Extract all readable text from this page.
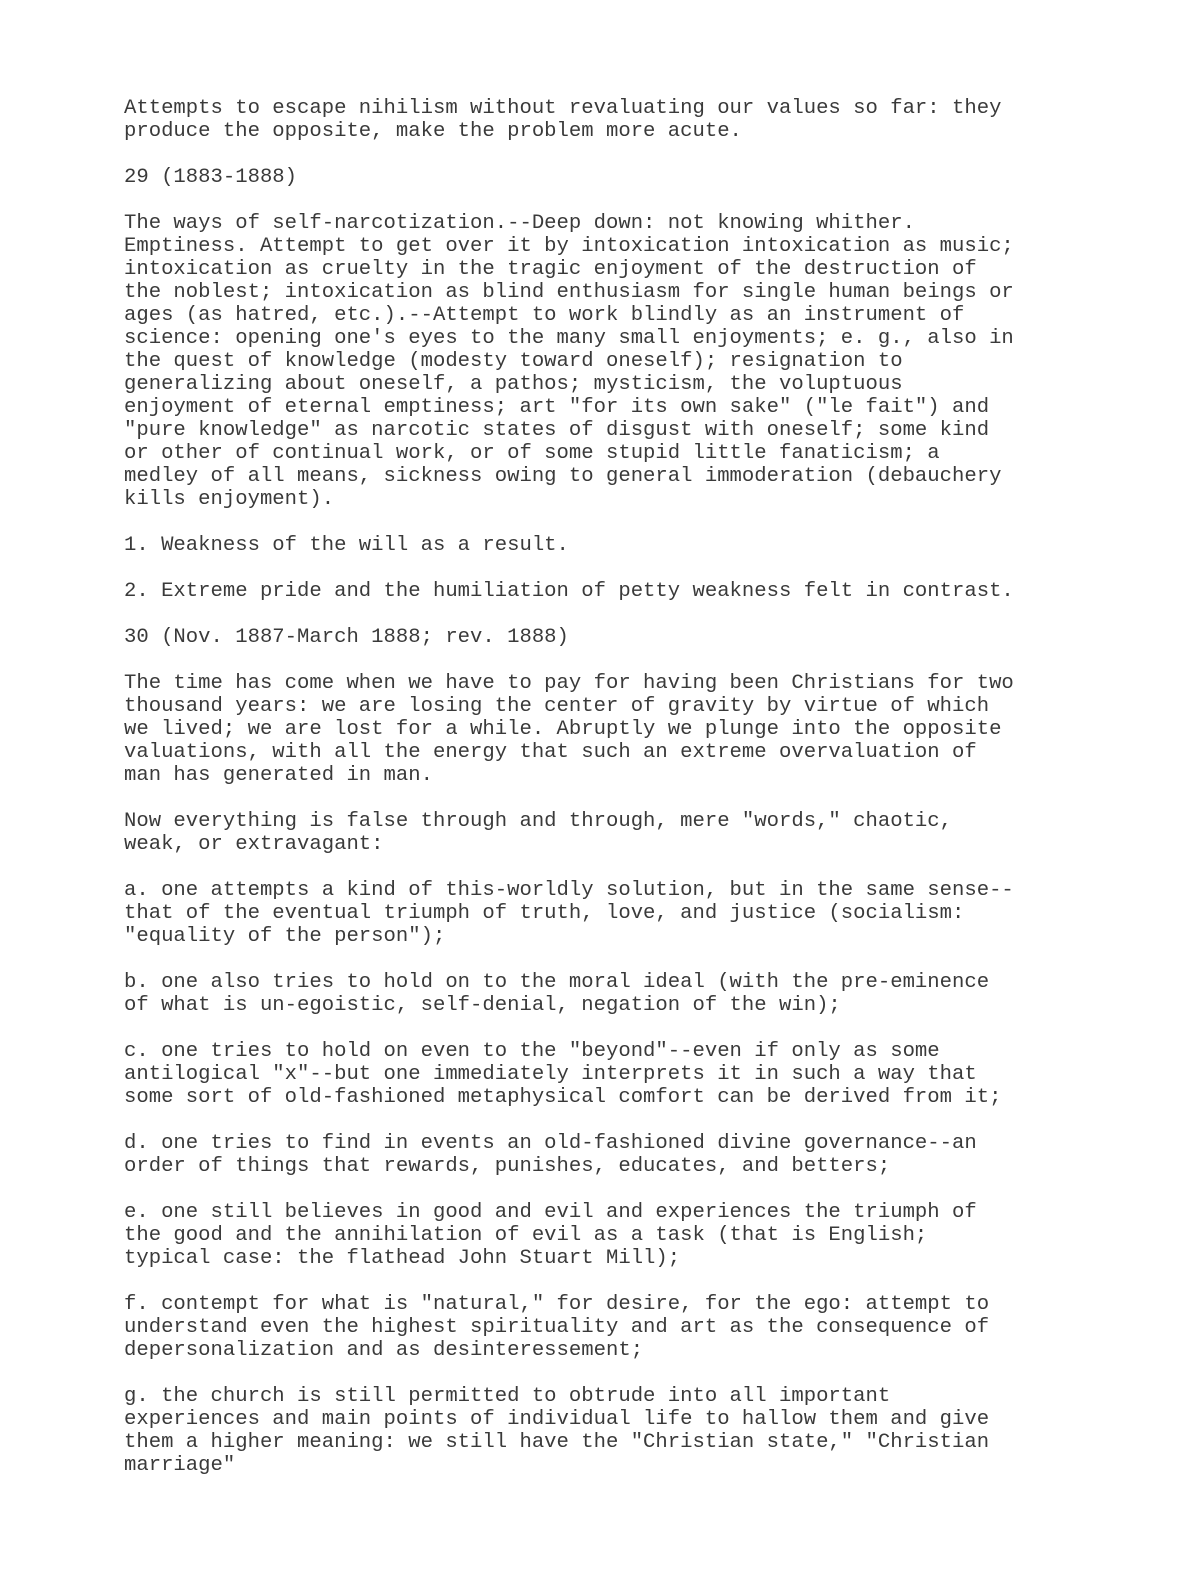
Attempts to escape nihilism without revaluating our values so far: they
produce the opposite, make the problem more acute.

29 (1883-1888)

The ways of self-narcotization.--Deep down: not knowing whither.
Emptiness. Attempt to get over it by intoxication intoxication as music;
intoxication as cruelty in the tragic enjoyment of the destruction of
the noblest; intoxication as blind enthusiasm for single human beings or
ages (as hatred, etc.).--Attempt to work blindly as an instrument of
science: opening one's eyes to the many small enjoyments; e. g., also in
the quest of knowledge (modesty toward oneself); resignation to
generalizing about oneself, a pathos; mysticism, the voluptuous
enjoyment of eternal emptiness; art "for its own sake" ("le fait") and
"pure knowledge" as narcotic states of disgust with oneself; some kind
or other of continual work, or of some stupid little fanaticism; a
medley of all means, sickness owing to general immoderation (debauchery
kills enjoyment).

1. Weakness of the will as a result.

2. Extreme pride and the humiliation of petty weakness felt in contrast.

30 (Nov. 1887-March 1888; rev. 1888)

The time has come when we have to pay for having been Christians for two
thousand years: we are losing the center of gravity by virtue of which
we lived; we are lost for a while. Abruptly we plunge into the opposite
valuations, with all the energy that such an extreme overvaluation of
man has generated in man.

Now everything is false through and through, mere "words," chaotic,
weak, or extravagant:

a. one attempts a kind of this-worldly solution, but in the same sense--
that of the eventual triumph of truth, love, and justice (socialism:
"equality of the person");

b. one also tries to hold on to the moral ideal (with the pre-eminence
of what is un-egoistic, self-denial, negation of the win);

c. one tries to hold on even to the "beyond"--even if only as some
antilogical "x"--but one immediately interprets it in such a way that
some sort of old-fashioned metaphysical comfort can be derived from it;

d. one tries to find in events an old-fashioned divine governance--an
order of things that rewards, punishes, educates, and betters;

e. one still believes in good and evil and experiences the triumph of
the good and the annihilation of evil as a task (that is English;
typical case: the flathead John Stuart Mill);

f. contempt for what is "natural," for desire, for the ego: attempt to
understand even the highest spirituality and art as the consequence of
depersonalization and as desinteressement;

g. the church is still permitted to obtrude into all important
experiences and main points of individual life to hallow them and give
them a higher meaning: we still have the "Christian state," "Christian
marriage"
